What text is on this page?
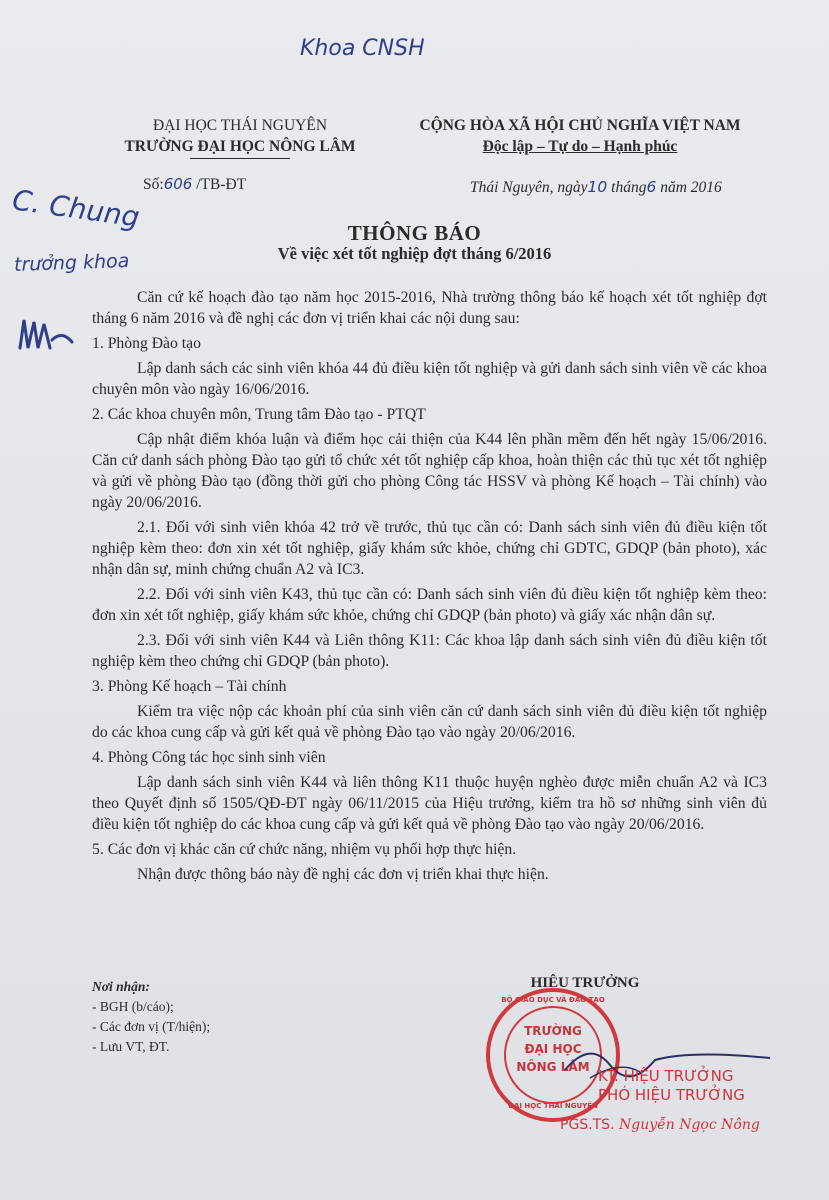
Khoa CNSH
C. Chung
trưởng khoa
ĐẠI HỌC THÁI NGUYÊN
TRƯỜNG ĐẠI HỌC NÔNG LÂM
Số:606 /TB-ĐT
CỘNG HÒA XÃ HỘI CHỦ NGHĨA VIỆT NAM
Độc lập – Tự do – Hạnh phúc
Thái Nguyên, ngày10 tháng6 năm 2016
THÔNG BÁO
Về việc xét tốt nghiệp đợt tháng 6/2016

Căn cứ kế hoạch đào tạo năm học 2015-2016, Nhà trường thông báo kế hoạch xét tốt nghiệp đợt tháng 6 năm 2016 và đề nghị các đơn vị triển khai các nội dung sau:

1. Phòng Đào tạo

Lập danh sách các sinh viên khóa 44 đủ điều kiện tốt nghiệp và gửi danh sách sinh viên về các khoa chuyên môn vào ngày 16/06/2016.

2. Các khoa chuyên môn, Trung tâm Đào tạo - PTQT

Cập nhật điểm khóa luận và điểm học cải thiện của K44 lên phần mềm đến hết ngày 15/06/2016. Căn cứ danh sách phòng Đào tạo gửi tổ chức xét tốt nghiệp cấp khoa, hoàn thiện các thủ tục xét tốt nghiệp và gửi về phòng Đào tạo (đồng thời gửi cho phòng Công tác HSSV và phòng Kế hoạch – Tài chính) vào ngày 20/06/2016.

2.1. Đối với sinh viên khóa 42 trở về trước, thủ tục cần có: Danh sách sinh viên đủ điều kiện tốt nghiệp kèm theo: đơn xin xét tốt nghiệp, giấy khám sức khỏe, chứng chỉ GDTC, GDQP (bản photo), xác nhận dân sự, minh chứng chuẩn A2 và IC3.

2.2. Đối với sinh viên K43, thủ tục cần có: Danh sách sinh viên đủ điều kiện tốt nghiệp kèm theo: đơn xin xét tốt nghiệp, giấy khám sức khỏe, chứng chỉ GDQP (bản photo) và giấy xác nhận dân sự.

2.3. Đối với sinh viên K44 và Liên thông K11: Các khoa lập danh sách sinh viên đủ điều kiện tốt nghiệp kèm theo chứng chỉ GDQP (bản photo).

3. Phòng Kế hoạch – Tài chính

Kiểm tra việc nộp các khoản phí của sinh viên căn cứ danh sách sinh viên đủ điều kiện tốt nghiệp do các khoa cung cấp và gửi kết quả về phòng Đào tạo vào ngày 20/06/2016.

4. Phòng Công tác học sinh sinh viên

Lập danh sách sinh viên K44 và liên thông K11 thuộc huyện nghèo được miễn chuẩn A2 và IC3 theo Quyết định số 1505/QĐ-ĐT ngày 06/11/2015 của Hiệu trưởng, kiểm tra hồ sơ những sinh viên đủ điều kiện tốt nghiệp do các khoa cung cấp và gửi kết quả về phòng Đào tạo vào ngày 20/06/2016.

5. Các đơn vị khác căn cứ chức năng, nhiệm vụ phối hợp thực hiện.

Nhận được thông báo này đề nghị các đơn vị triển khai thực hiện.

Nơi nhận:
- BGH (b/cáo);
- Các đơn vị (T/hiện);
- Lưu VT, ĐT.
HIỆU TRƯỞNG
BỘ GIÁO DỤC VÀ ĐÀO TẠO
TRƯỜNG
ĐẠI HỌC
NÔNG LÂM
ĐẠI HỌC THÁI NGUYÊN
KT. HIỆU TRƯỞNG
PHÓ HIỆU TRƯỞNG
PGS.TS. Nguyễn Ngọc Nông
